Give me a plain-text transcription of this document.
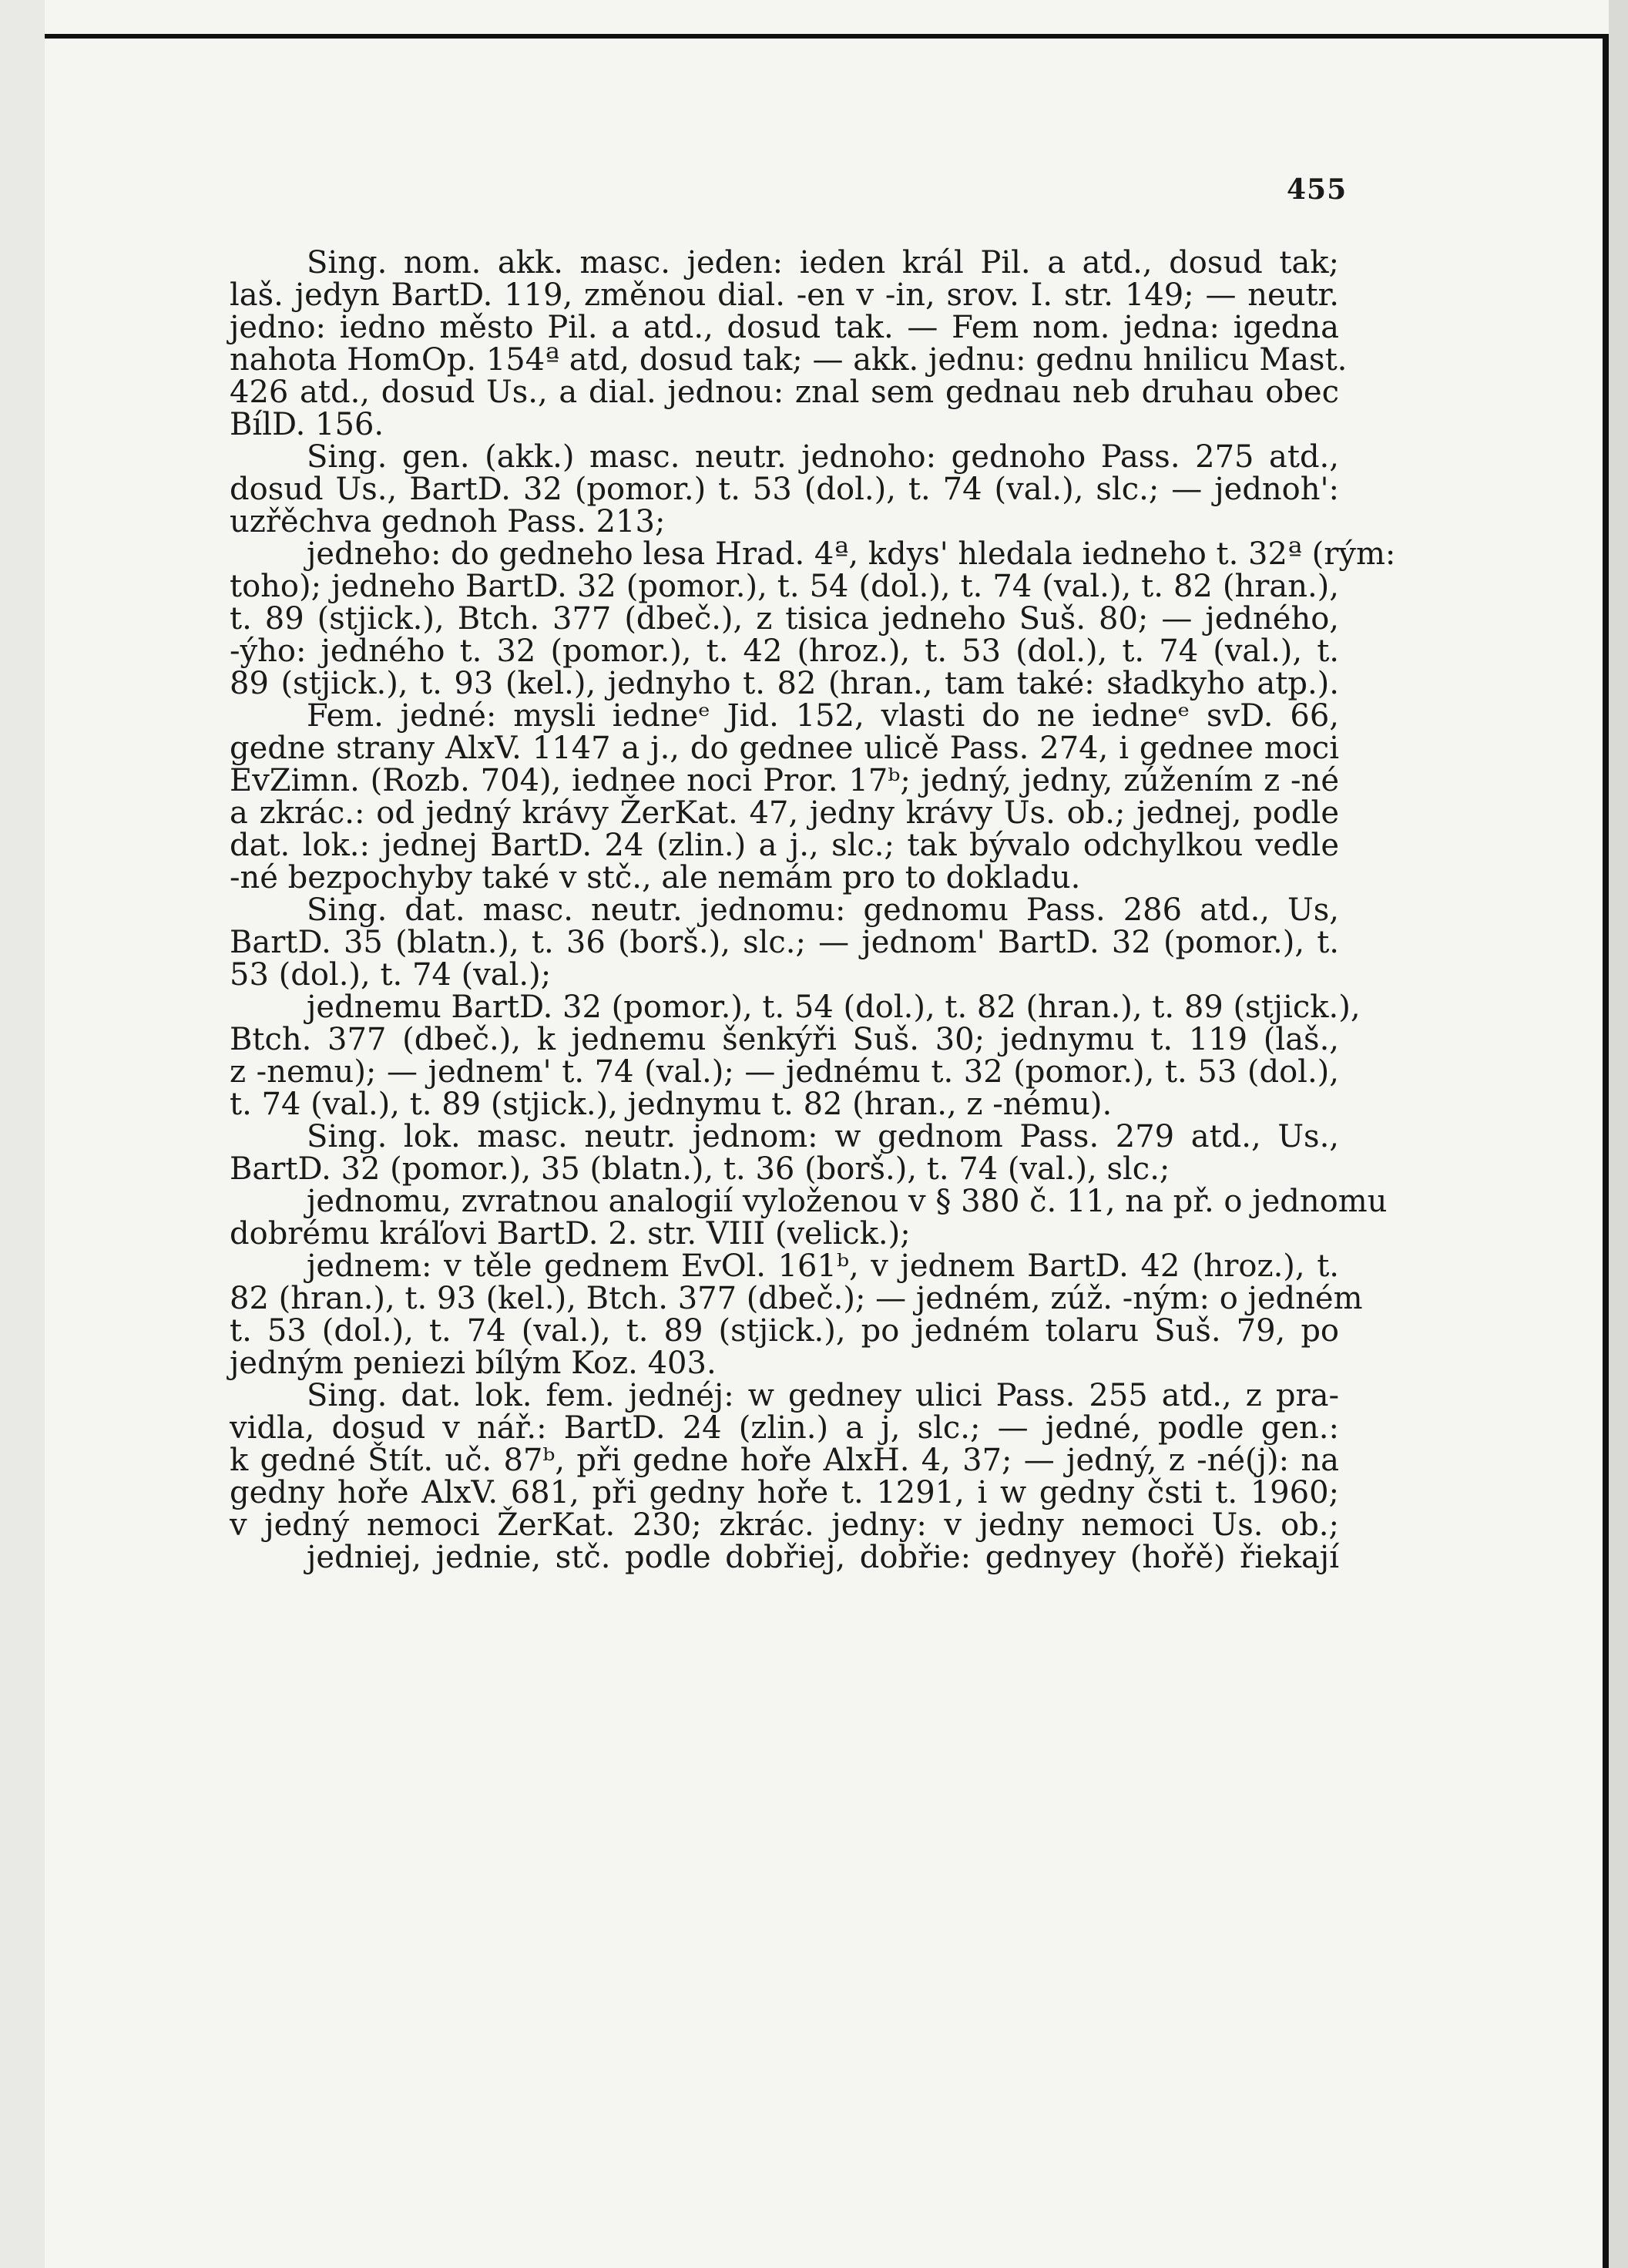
455
Sing. nom. akk. masc. jeden: ieden král Pil. a atd., dosud tak;
laš. jedyn BartD. 119, změnou dial. -en v -in, srov. I. str. 149; — neutr.
jedno: iedno město Pil. a atd., dosud tak. — Fem nom. jedna: igedna
nahota HomOp. 154ª atd, dosud tak; — akk. jednu: gednu hnilicu Mast.
426 atd., dosud Us., a dial. jednou: znal sem gednau neb druhau obec
BílD. 156.
Sing. gen. (akk.) masc. neutr. jednoho: gednoho Pass. 275 atd.,
dosud Us., BartD. 32 (pomor.) t. 53 (dol.), t. 74 (val.), slc.; — jednoh':
uzřěchva gednoh Pass. 213;
jedneho: do gedneho lesa Hrad. 4ª, kdys' hledala iedneho t. 32ª (rým:
toho); jedneho BartD. 32 (pomor.), t. 54 (dol.), t. 74 (val.), t. 82 (hran.),
t. 89 (stjick.), Btch. 377 (dbeč.), z tisica jedneho Suš. 80; — jedného,
-ýho: jedného t. 32 (pomor.), t. 42 (hroz.), t. 53 (dol.), t. 74 (val.), t.
89 (stjick.), t. 93 (kel.), jednyho t. 82 (hran., tam také: sładkyho atp.).
Fem. jedné: mysli iedneᵉ Jid. 152, vlasti do ne iedneᵉ svD. 66,
gedne strany AlxV. 1147 a j., do gednee ulicě Pass. 274, i gednee moci
EvZimn. (Rozb. 704), iednee noci Pror. 17ᵇ; jedný, jedny, zúžením z -né
a zkrác.: od jedný krávy ŽerKat. 47, jedny krávy Us. ob.; jednej, podle
dat. lok.: jednej BartD. 24 (zlin.) a j., slc.; tak bývalo odchylkou vedle
-né bezpochyby také v stč., ale nemám pro to dokladu.
Sing. dat. masc. neutr. jednomu: gednomu Pass. 286 atd., Us,
BartD. 35 (blatn.), t. 36 (borš.), slc.; — jednom' BartD. 32 (pomor.), t.
53 (dol.), t. 74 (val.);
jednemu BartD. 32 (pomor.), t. 54 (dol.), t. 82 (hran.), t. 89 (stjick.),
Btch. 377 (dbeč.), k jednemu šenkýři Suš. 30; jednymu t. 119 (laš.,
z -nemu); — jednem' t. 74 (val.); — jednému t. 32 (pomor.), t. 53 (dol.),
t. 74 (val.), t. 89 (stjick.), jednymu t. 82 (hran., z -nému).
Sing. lok. masc. neutr. jednom: w gednom Pass. 279 atd., Us.,
BartD. 32 (pomor.), 35 (blatn.), t. 36 (borš.), t. 74 (val.), slc.;
jednomu, zvratnou analogií vyloženou v § 380 č. 11, na př. o jednomu
dobrému kráľovi BartD. 2. str. VIII (velick.);
jednem: v těle gednem EvOl. 161ᵇ, v jednem BartD. 42 (hroz.), t.
82 (hran.), t. 93 (kel.), Btch. 377 (dbeč.); — jedném, zúž. -ným: o jedném
t. 53 (dol.), t. 74 (val.), t. 89 (stjick.), po jedném tolaru Suš. 79, po
jedným peniezi bílým Koz. 403.
Sing. dat. lok. fem. jednéj: w gedney ulici Pass. 255 atd., z pra-
vidla, dosud v nář.: BartD. 24 (zlin.) a j, slc.; — jedné, podle gen.:
k gedné Štít. uč. 87ᵇ, při gedne hoře AlxH. 4, 37; — jedný, z -né(j): na
gedny hoře AlxV. 681, při gedny hoře t. 1291, i w gedny čsti t. 1960;
v jedný nemoci ŽerKat. 230; zkrác. jedny: v jedny nemoci Us. ob.;
jedniej, jednie, stč. podle dobřiej, dobřie: gednyey (hořě) řiekají
